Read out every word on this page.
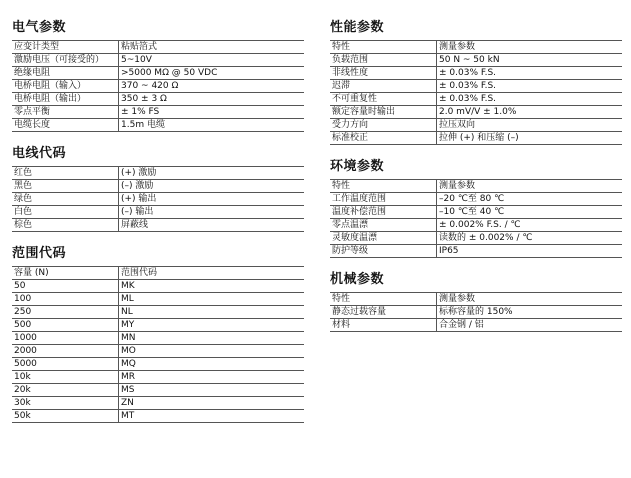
电气参数
应变计类型	粘贴箔式
激励电压（可接受的）	5~10V
绝缘电阻	>5000 MΩ @ 50 VDC
电桥电阻（输入）	370 ~ 420 Ω
电桥电阻（输出）	350 ± 3 Ω
零点平衡	± 1% FS
电缆长度	1.5m 电缆
电线代码
红色	(+) 激励
黑色	(–) 激励
绿色	(+) 输出
白色	(–) 输出
棕色	屏蔽线
范围代码
容量 (N)	范围代码
50	MK
100	ML
250	NL
500	MY
1000	MN
2000	MO
5000	MQ
10k	MR
20k	MS
30k	ZN
50k	MT
性能参数
特性	测量参数
负载范围	50 N ~ 50 kN
非线性度	± 0.03% F.S.
迟滞	± 0.03% F.S.
不可重复性	± 0.03% F.S.
额定容量时输出	2.0 mV/V ± 1.0%
受力方向	拉压双向
标准校正	拉伸 (+) 和压缩 (–)
环境参数
特性	测量参数
工作温度范围	–20 ℃至 80 ℃
温度补偿范围	–10 ℃至 40 ℃
零点温漂	± 0.002% F.S. / ℃
灵敏度温漂	读数的 ± 0.002% / ℃
防护等级	IP65
机械参数
特性	测量参数
静态过载容量	标称容量的 150%
材料	合金钢 / 铝
